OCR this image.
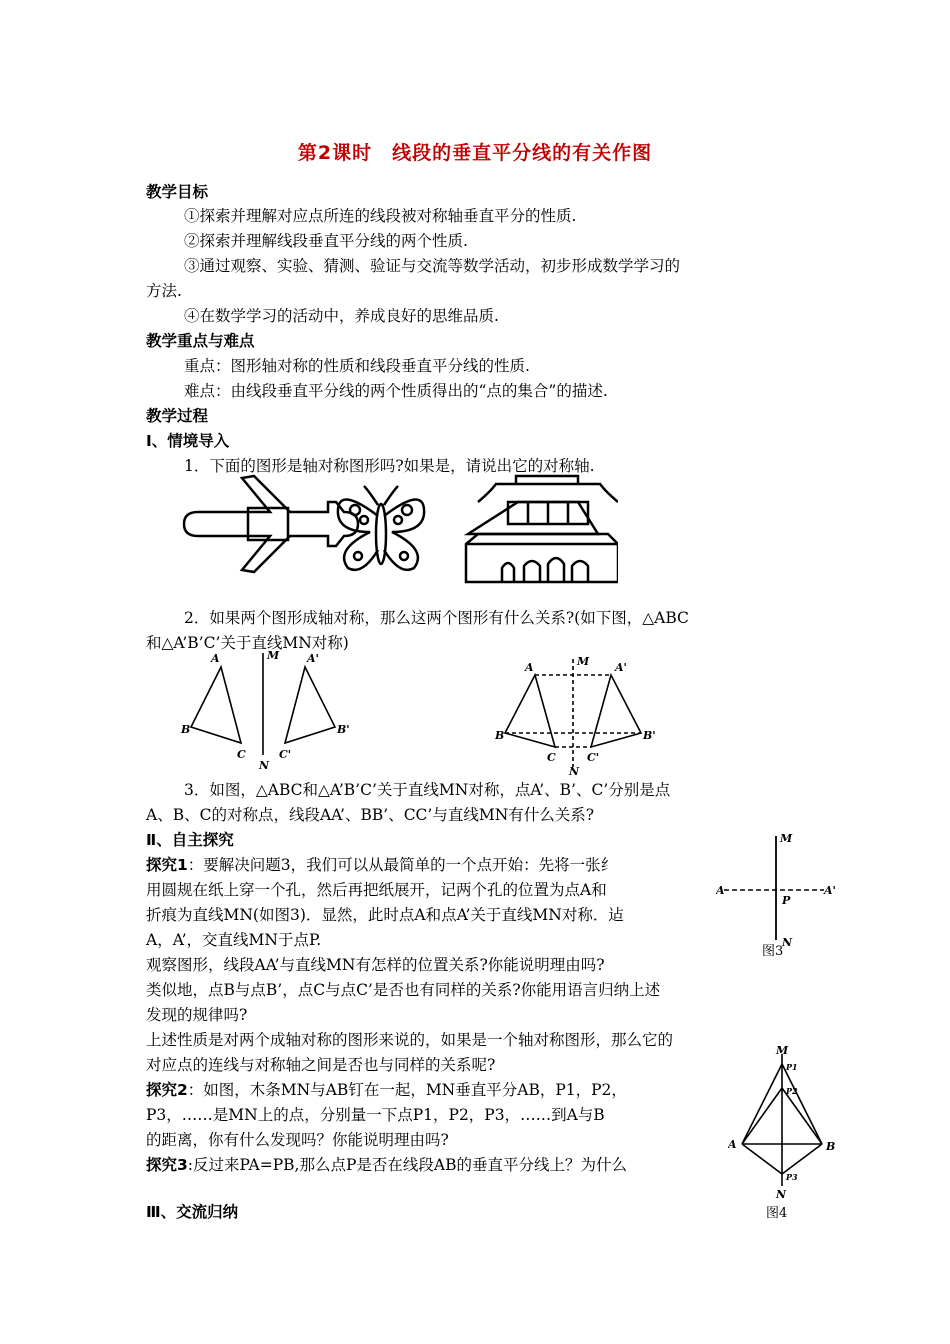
第2课时　线段的垂直平分线的有关作图
教学目标
①探索并理解对应点所连的线段被对称轴垂直平分的性质.
②探索并理解线段垂直平分线的两个性质.
③通过观察、实验、猜测、验证与交流等数学活动，初步形成数学学习的
方法.
④在数学学习的活动中，养成良好的思维品质.
教学重点与难点
重点：图形轴对称的性质和线段垂直平分线的性质.
难点：由线段垂直平分线的两个性质得出的“点的集合”的描述.
教学过程
Ⅰ、情境导入
1．下面的图形是轴对称图形吗?如果是，请说出它的对称轴.
2．如果两个图形成轴对称，那么这两个图形有什么关系?(如下图，△ABC
和△A’B’C’关于直线MN对称)
A
B
C
M
N
A'
B'
C'
A
B
C
M
N
A'
B'
C'
3．如图，△ABC和△A’B’C’关于直线MN对称，点A’、B’、C’分别是点
A、B、C的对称点，线段AA’、BB’、CC’与直线MN有什么关系?
Ⅱ、自主探究
探究1：要解决问题3，我们可以从最简单的一个点开始：先将一张纟
用圆规在纸上穿一个孔，然后再把纸展开，记两个孔的位置为点A和
折痕为直线MN(如图3)．显然，此时点A和点A’关于直线MN对称．迠
A，A’，交直线MN于点P.
观察图形，线段AA’与直线MN有怎样的位置关系?你能说明理由吗?
类似地，点B与点B’，点C与点C’是否也有同样的关系?你能用语言归纳上述
发现的规律吗?
上述性质是对两个成轴对称的图形来说的，如果是一个轴对称图形，那么它的
对应点的连线与对称轴之间是否也与同样的关系呢?
M
A	A'
P
N
图3
探究2：如图，木条MN与AB钉在一起，MN垂直平分AB，P1，P2，
P3，……是MN上的点，分别量一下点P1，P2，P3，……到A与B
的距离，你有什么发现吗？你能说明理由吗?
探究3:反过来PA=PB,那么点P是否在线段AB的垂直平分线上？为什么
M
P1
P2
A	B
P3
N
图4
Ⅲ、交流归纳
